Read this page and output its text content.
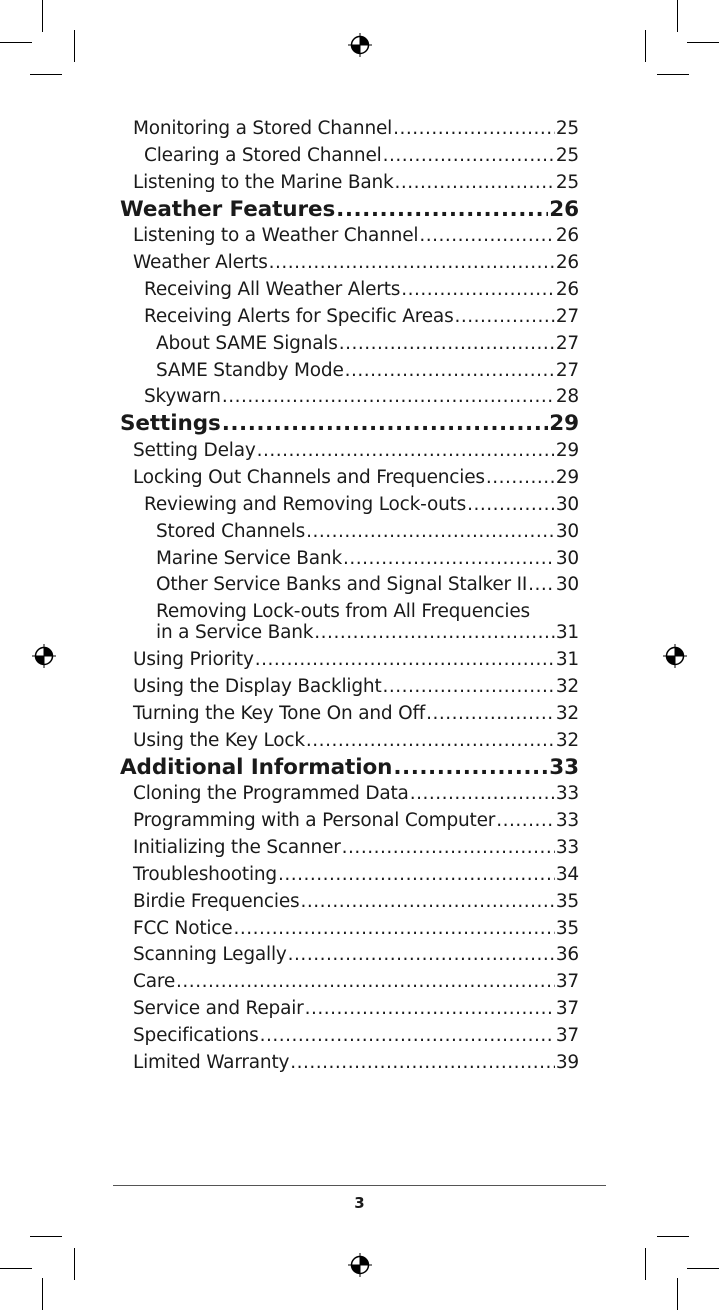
Monitoring a Stored Channel .....	25
Clearing a Stored Channel .....	25
Listening to the Marine Bank .....	25
Weather Features .....	26
Listening to a Weather Channel .....	26
Weather Alerts .....	26
Receiving All Weather Alerts .....	26
Receiving Alerts for Specific Areas .....	27
About SAME Signals .....	27
SAME Standby Mode .....	27
Skywarn .....	28
Settings .....	29
Setting Delay .....	29
Locking Out Channels and Frequencies .....	29
Reviewing and Removing Lock-outs .....	30
Stored Channels .....	30
Marine Service Bank .....	30
Other Service Banks and Signal Stalker II ..... 30
Removing Lock-outs from All Frequencies
in a Service Bank .....	31
Using Priority .....	31
Using the Display Backlight .....	32
Turning the Key Tone On and Off .....	32
Using the Key Lock .....	32
Additional Information .....	33
Cloning the Programmed Data .....	33
Programming with a Personal Computer .....	33
Initializing the Scanner .....	33
Troubleshooting .....	34
Birdie Frequencies .....	35
FCC Notice .....	35
Scanning Legally .....	36
Care .....	37
Service and Repair .....	37
Specifications .....	37
Limited Warranty .....	39
3
